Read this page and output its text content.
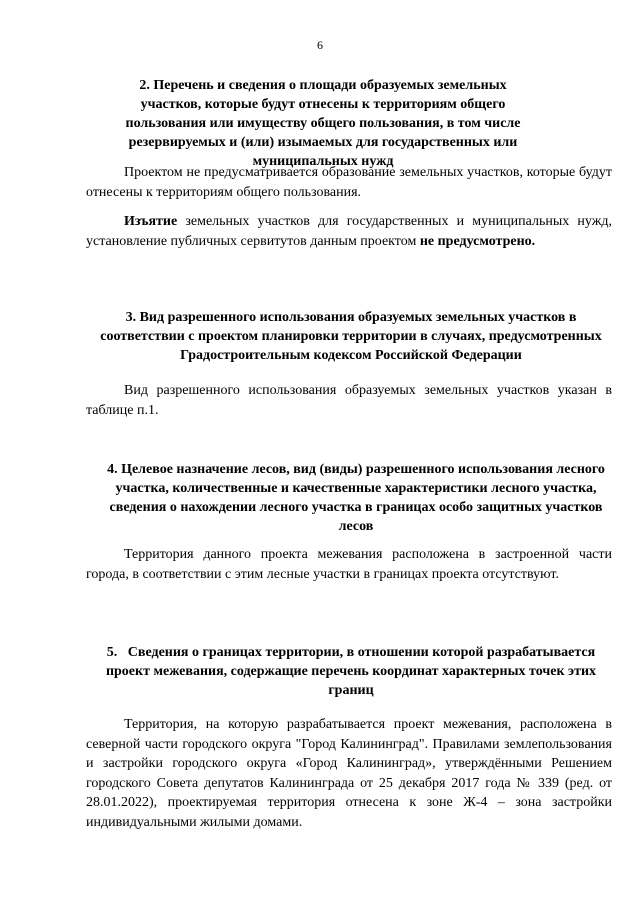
6
2. Перечень и сведения о площади образуемых земельных участков, которые будут отнесены к территориям общего пользования или имуществу общего пользования, в том числе резервируемых и (или) изымаемых для государственных или муниципальных нужд
Проектом не предусматривается образование земельных участков, которые будут отнесены к территориям общего пользования.
Изъятие земельных участков для государственных и муниципальных нужд, установление публичных сервитутов данным проектом не предусмотрено.
3. Вид разрешенного использования образуемых земельных участков в соответствии с проектом планировки территории в случаях, предусмотренных Градостроительным кодексом Российской Федерации
Вид разрешенного использования образуемых земельных участков указан в таблице п.1.
4. Целевое назначение лесов, вид (виды) разрешенного использования лесного участка, количественные и качественные характеристики лесного участка, сведения о нахождении лесного участка в границах особо защитных участков лесов
Территория данного проекта межевания расположена в застроенной части города, в соответствии с этим лесные участки в границах проекта отсутствуют.
5. Сведения о границах территории, в отношении которой разрабатывается проект межевания, содержащие перечень координат характерных точек этих границ
Территория, на которую разрабатывается проект межевания, расположена в северной части городского округа "Город Калининград". Правилами землепользования и застройки городского округа «Город Калининград», утверждёнными Решением городского Совета депутатов Калининграда от 25 декабря 2017 года № 339 (ред. от 28.01.2022), проектируемая территория отнесена к зоне Ж-4 – зона застройки индивидуальными жилыми домами.
